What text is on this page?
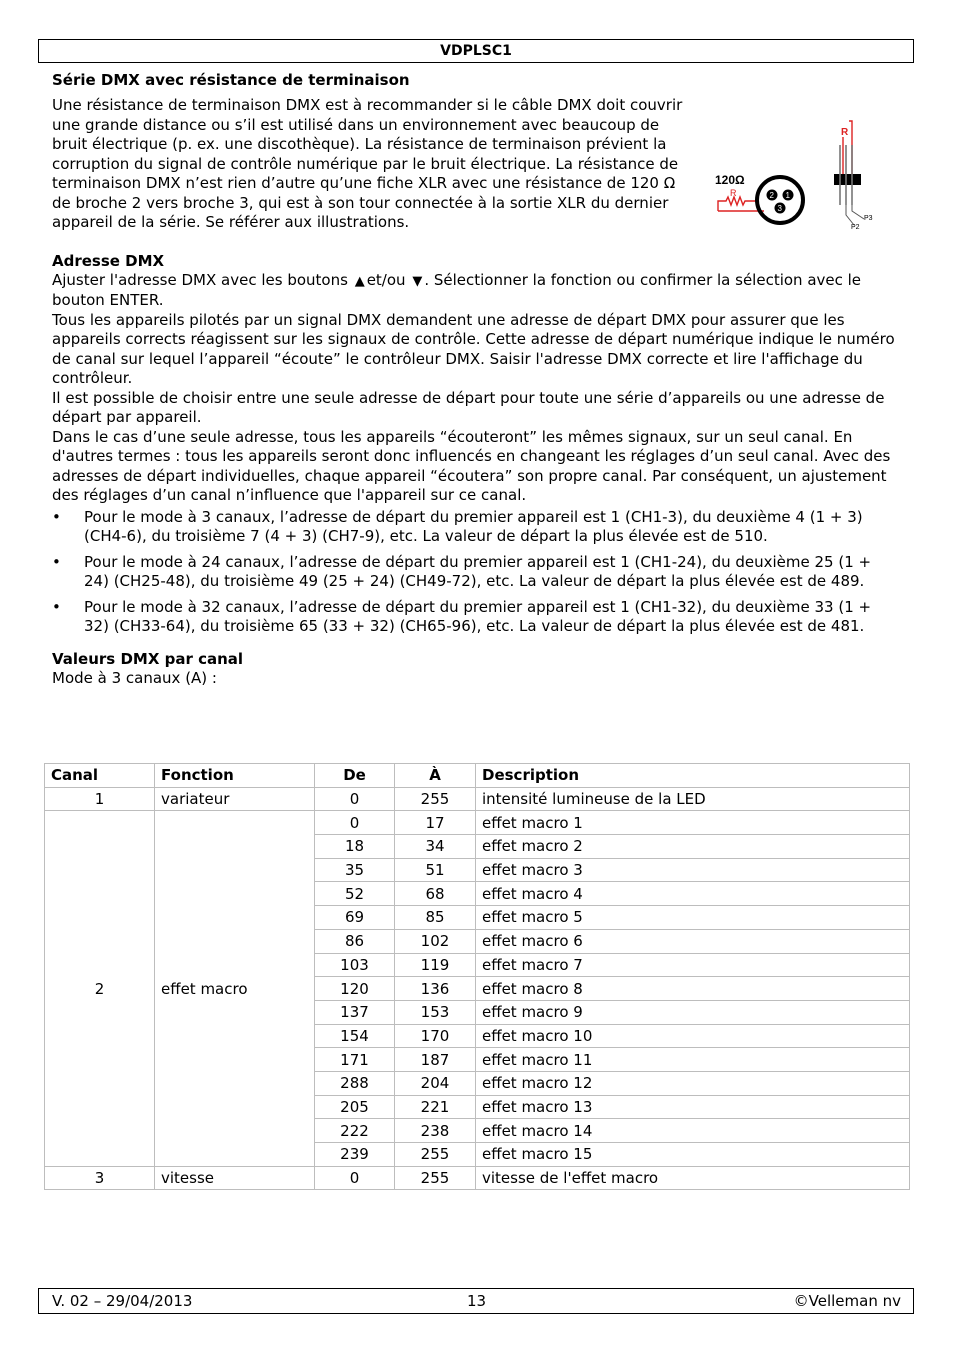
VDPLSC1
Série DMX avec résistance de terminaison

Une résistance de terminaison DMX est à recommander si le câble DMX doit couvrir une grande distance ou s’il est utilisé dans un environnement avec beaucoup de bruit électrique (p. ex. une discothèque). La résistance de terminaison prévient la corruption du signal de contrôle numérique par le bruit électrique. La résistance de terminaison DMX n’est rien d’autre qu’une fiche XLR avec une résistance de 120 Ω de broche 2 vers broche 3, qui est à son tour connectée à la sortie XLR du dernier appareil de la série. Se référer aux illustrations.

Adresse DMX

Ajuster l'adresse DMX avec les boutons ▲ et/ou ▼ . Sélectionner la fonction ou confirmer la sélection avec le bouton ENTER.

Tous les appareils pilotés par un signal DMX demandent une adresse de départ DMX pour assurer que les appareils corrects réagissent sur les signaux de contrôle. Cette adresse de départ numérique indique le numéro de canal sur lequel l’appareil “écoute” le contrôleur DMX. Saisir l'adresse DMX correcte et lire l'affichage du contrôleur.

Il est possible de choisir entre une seule adresse de départ pour toute une série d’appareils ou une adresse de départ par appareil.

Dans le cas d’une seule adresse, tous les appareils “écouteront” les mêmes signaux, sur un seul canal. En d'autres termes : tous les appareils seront donc influencés en changeant les réglages d’un seul canal. Avec des adresses de départ individuelles, chaque appareil “écoutera” son propre canal. Par conséquent, un ajustement des réglages d’un canal n’influence que l'appareil sur ce canal.

• Pour le mode à 3 canaux, l’adresse de départ du premier appareil est 1 (CH1-3), du deuxième 4 (1 + 3) (CH4-6), du troisième 7 (4 + 3) (CH7-9), etc. La valeur de départ la plus élevée est de 510.
• Pour le mode à 24 canaux, l’adresse de départ du premier appareil est 1 (CH1-24), du deuxième 25 (1 + 24) (CH25-48), du troisième 49 (25 + 24) (CH49-72), etc. La valeur de départ la plus élevée est de 489.
• Pour le mode à 32 canaux, l’adresse de départ du premier appareil est 1 (CH1-32), du deuxième 33 (1 + 32) (CH33-64), du troisième 65 (33 + 32) (CH65-96), etc. La valeur de départ la plus élevée est de 481.
Valeurs DMX par canal

Mode à 3 canaux (A) :

120Ω
R	2 1
3
R
P3
P2
Canal	Fonction	De	À	Description
1	variateur	0	255	intensité lumineuse de la LED
2	effet macro	0	17	effet macro 1
		18	34	effet macro 2
		35	51	effet macro 3
		52	68	effet macro 4
		69	85	effet macro 5
		86	102	effet macro 6
		103	119	effet macro 7
		120	136	effet macro 8
		137	153	effet macro 9
		154	170	effet macro 10
		171	187	effet macro 11
		288	204	effet macro 12
		205	221	effet macro 13
		222	238	effet macro 14
		239	255	effet macro 15
3	vitesse	0	255	vitesse de l'effet macro
V. 02 – 29/04/2013	13	©Velleman nv
